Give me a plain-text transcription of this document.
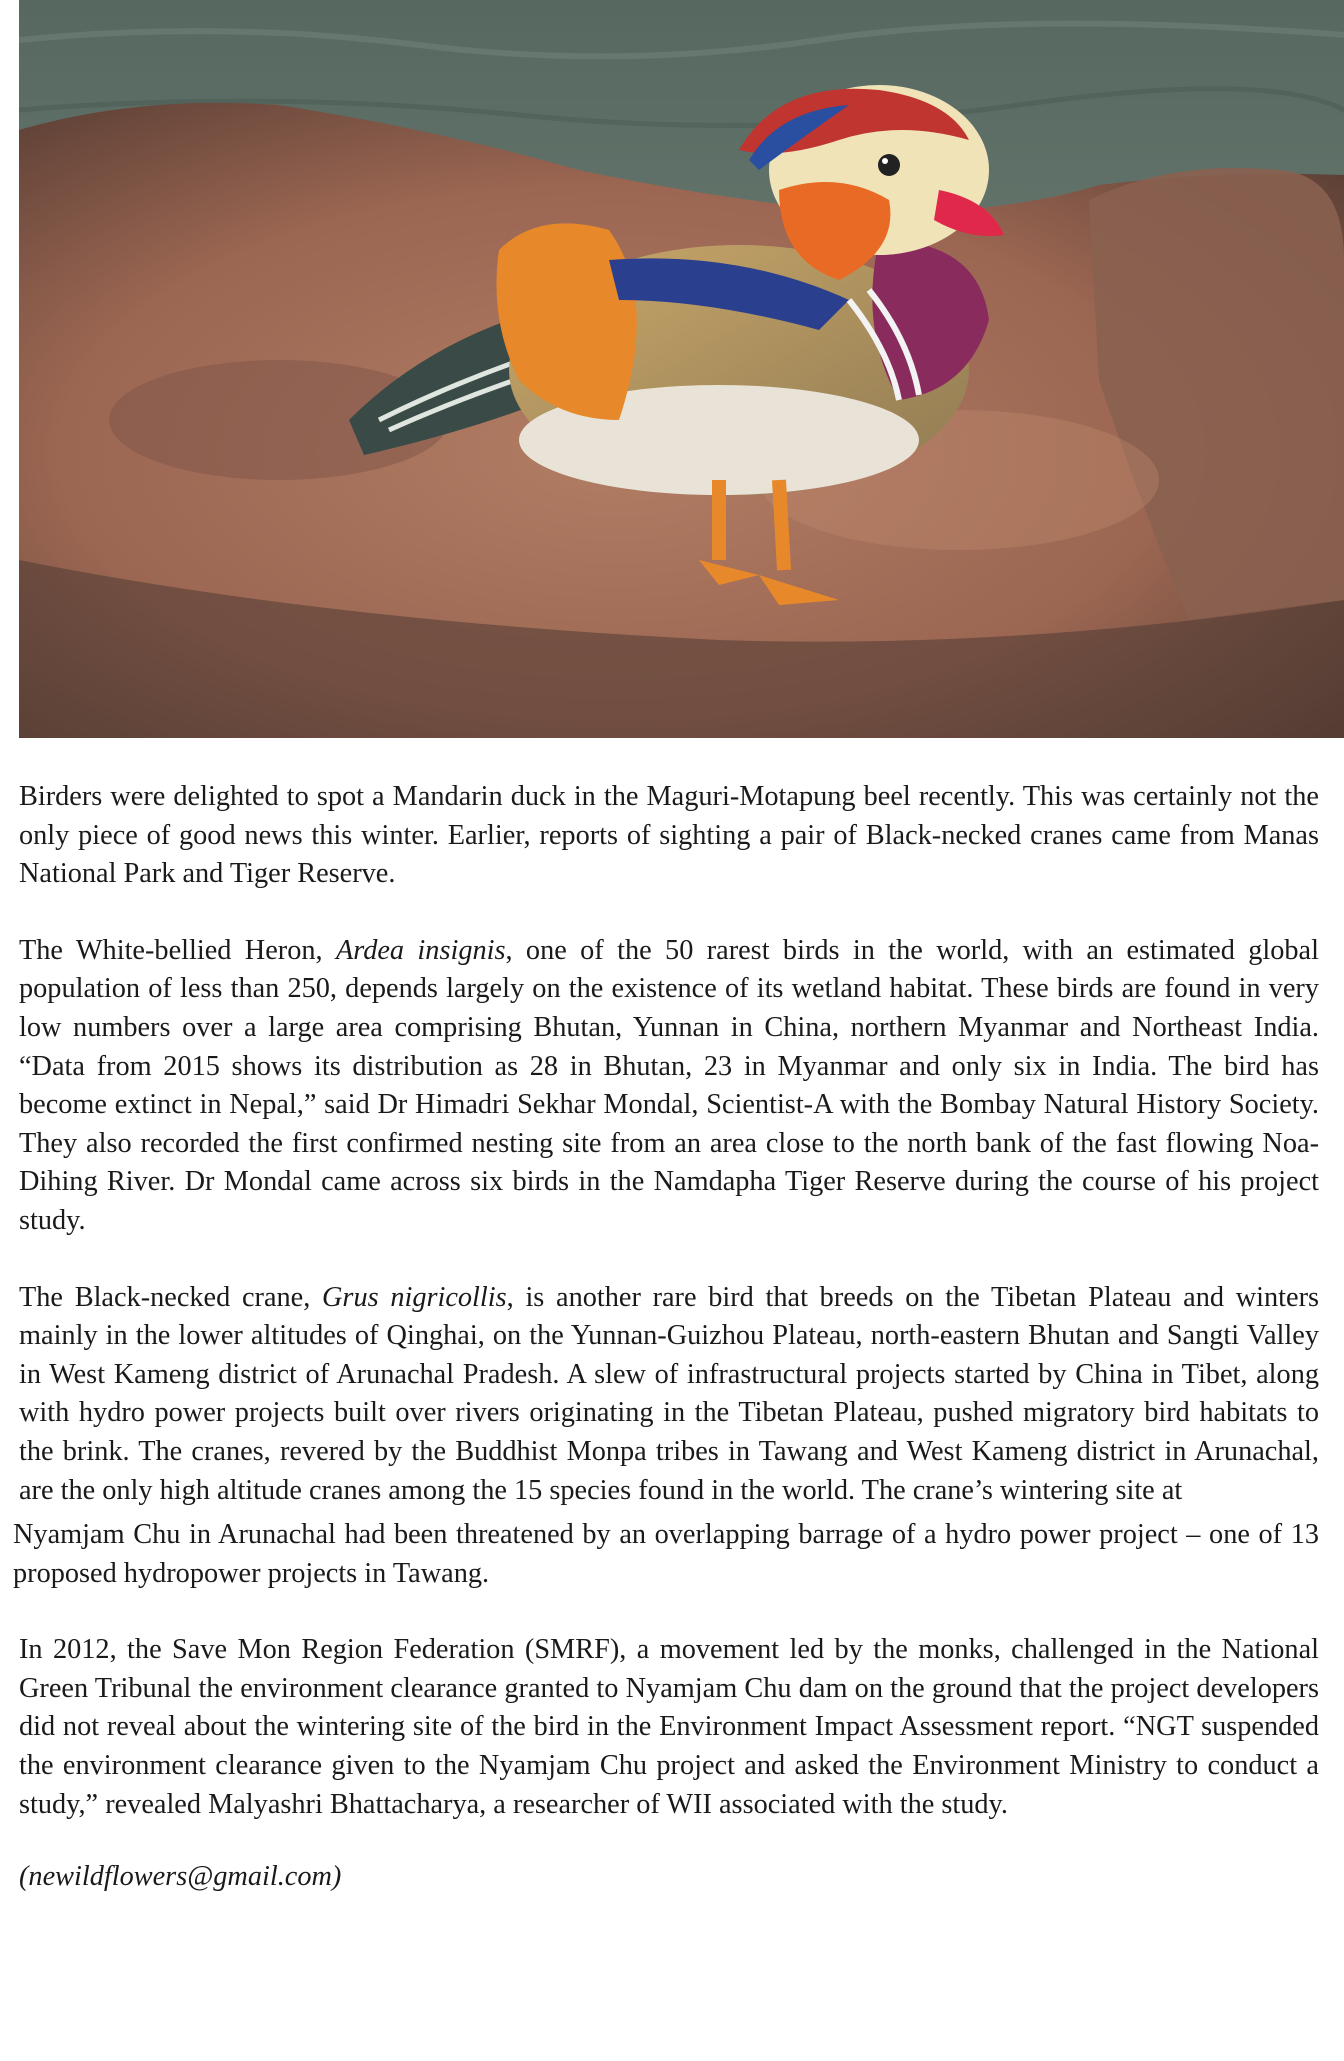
Birders were delighted to spot a Mandarin duck in the Maguri-Motapung beel recently. This was certainly not the only piece of good news this winter. Earlier, reports of sighting a pair of Black-necked cranes came from Manas National Park and Tiger Reserve.

The White-bellied Heron, Ardea insignis, one of the 50 rarest birds in the world, with an estimated global population of less than 250, depends largely on the existence of its wetland habitat. These birds are found in very low numbers over a large area comprising Bhutan, Yunnan in China, northern Myanmar and Northeast India. “Data from 2015 shows its distribution as 28 in Bhutan, 23 in Myanmar and only six in India. The bird has become extinct in Nepal,” said Dr Himadri Sekhar Mondal, Scientist-A with the Bombay Natural History Society. They also recorded the first confirmed nesting site from an area close to the north bank of the fast flowing Noa-Dihing River. Dr Mondal came across six birds in the Namdapha Tiger Reserve during the course of his project study.

The Black-necked crane, Grus nigricollis, is another rare bird that breeds on the Tibetan Plateau and winters mainly in the lower altitudes of Qinghai, on the Yunnan-Guizhou Plateau, north-eastern Bhutan and Sangti Valley in West Kameng district of Arunachal Pradesh. A slew of infrastructural projects started by China in Tibet, along with hydro power projects built over rivers originating in the Tibetan Plateau, pushed migratory bird habitats to the brink. The cranes, revered by the Buddhist Monpa tribes in Tawang and West Kameng district in Arunachal, are the only high altitude cranes among the 15 species found in the world. The crane’s wintering site at

Nyamjam Chu in Arunachal had been threatened by an overlapping barrage of a hydro power project – one of 13 proposed hydropower projects in Tawang.

In 2012, the Save Mon Region Federation (SMRF), a movement led by the monks, challenged in the National Green Tribunal the environment clearance granted to Nyamjam Chu dam on the ground that the project developers did not reveal about the wintering site of the bird in the Environment Impact Assessment report. “NGT suspended the environment clearance given to the Nyamjam Chu project and asked the Environment Ministry to conduct a study,” revealed Malyashri Bhattacharya, a researcher of WII associated with the study.

(newildflowers@gmail.com)
